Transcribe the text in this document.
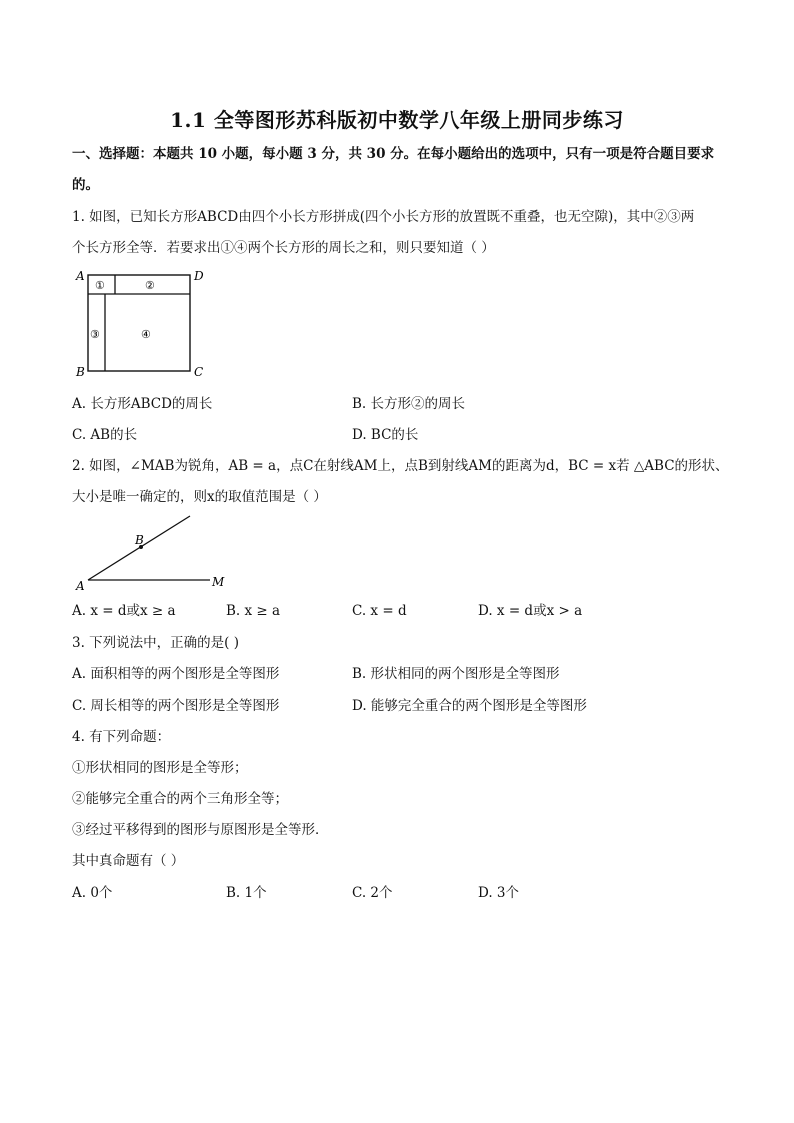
1.1 全等图形苏科版初中数学八年级上册同步练习
一、选择题：本题共 10 小题，每小题 3 分，共 30 分。在每小题给出的选项中，只有一项是符合题目要求
的。
1. 如图，已知长方形ABCD由四个小长方形拼成(四个小长方形的放置既不重叠，也无空隙)，其中②③两
个长方形全等．若要求出①④两个长方形的周长之和，则只要知道（ ）
A	D
B	C
①	②
③	④
A. 长方形ABCD的周长	B. 长方形②的周长
C. AB的长	D. BC的长
2. 如图，∠MAB为锐角，AB = a，点C在射线AM上，点B到射线AM的距离为d，BC = x若 △ABC的形状、
大小是唯一确定的，则x的取值范围是（ ）
A
B
M
A. x = d或x ≥ a	B. x ≥ a	C. x = d	D. x = d或x > a
3. 下列说法中，正确的是( )
A. 面积相等的两个图形是全等图形	B. 形状相同的两个图形是全等图形
C. 周长相等的两个图形是全等图形	D. 能够完全重合的两个图形是全等图形
4. 有下列命题：
①形状相同的图形是全等形；
②能够完全重合的两个三角形全等；
③经过平移得到的图形与原图形是全等形．
其中真命题有（ ）
A. 0个	B. 1个	C. 2个	D. 3个
